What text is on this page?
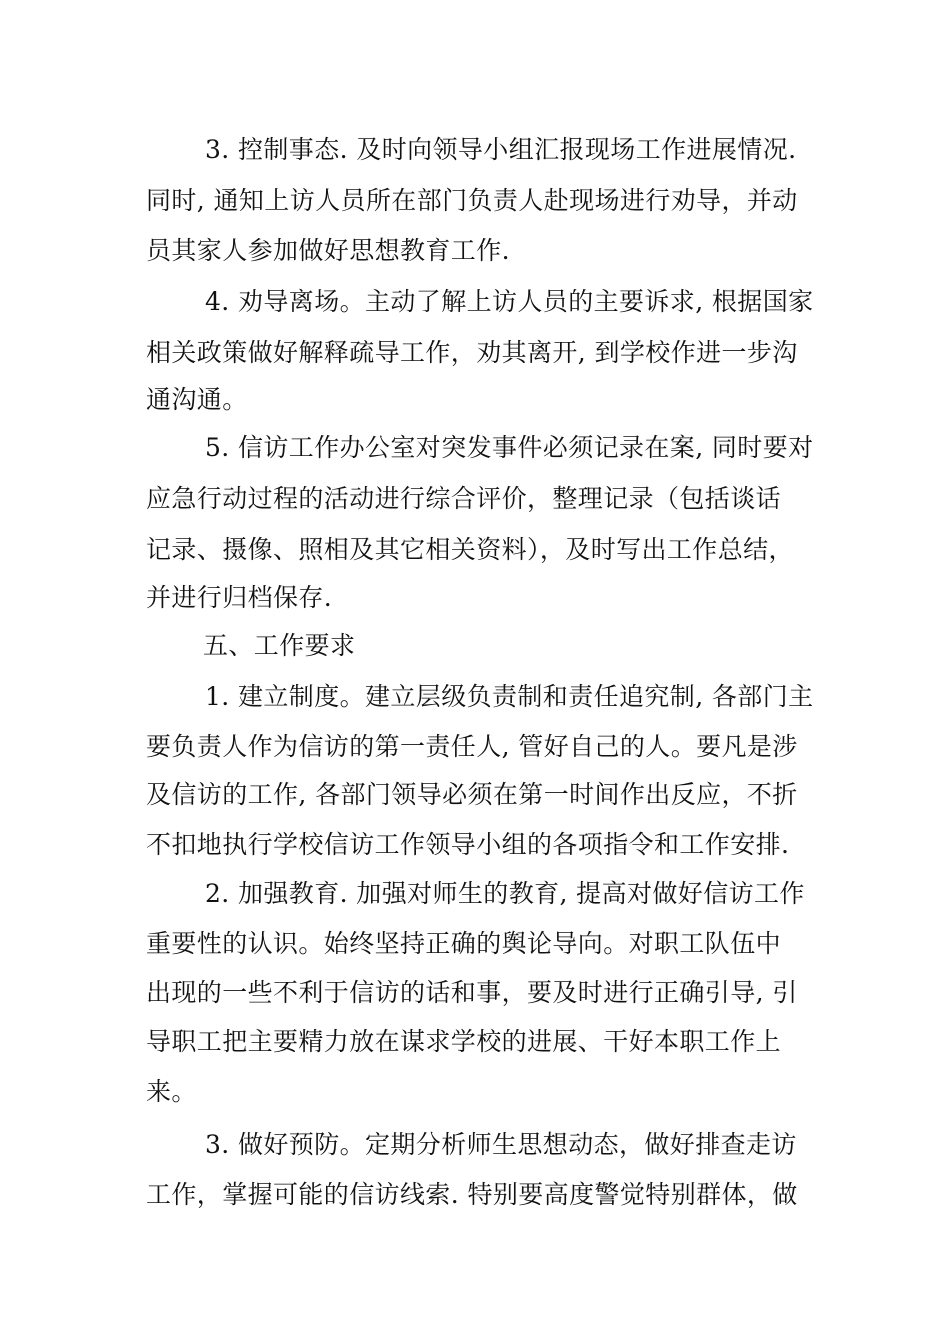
3. 控制事态. 及时向领导小组汇报现场工作进展情况.

同时, 通知上访人员所在部门负责人赴现场进行劝导，并动

员其家人参加做好思想教育工作.

4. 劝导离场。主动了解上访人员的主要诉求, 根据国家

相关政策做好解释疏导工作，劝其离开, 到学校作进一步沟

通沟通。

5. 信访工作办公室对突发事件必须记录在案, 同时要对

应急行动过程的活动进行综合评价，整理记录（包括谈话

记录、摄像、照相及其它相关资料），及时写出工作总结，

并进行归档保存.

五、工作要求

1. 建立制度。建立层级负责制和责任追究制, 各部门主

要负责人作为信访的第一责任人, 管好自己的人。要凡是涉

及信访的工作, 各部门领导必须在第一时间作出反应，不折

不扣地执行学校信访工作领导小组的各项指令和工作安排.

2. 加强教育. 加强对师生的教育, 提高对做好信访工作

重要性的认识。始终坚持正确的舆论导向。对职工队伍中

出现的一些不利于信访的话和事，要及时进行正确引导, 引

导职工把主要精力放在谋求学校的进展、干好本职工作上

来。

3. 做好预防。定期分析师生思想动态，做好排查走访

工作，掌握可能的信访线索. 特别要高度警觉特别群体，做
